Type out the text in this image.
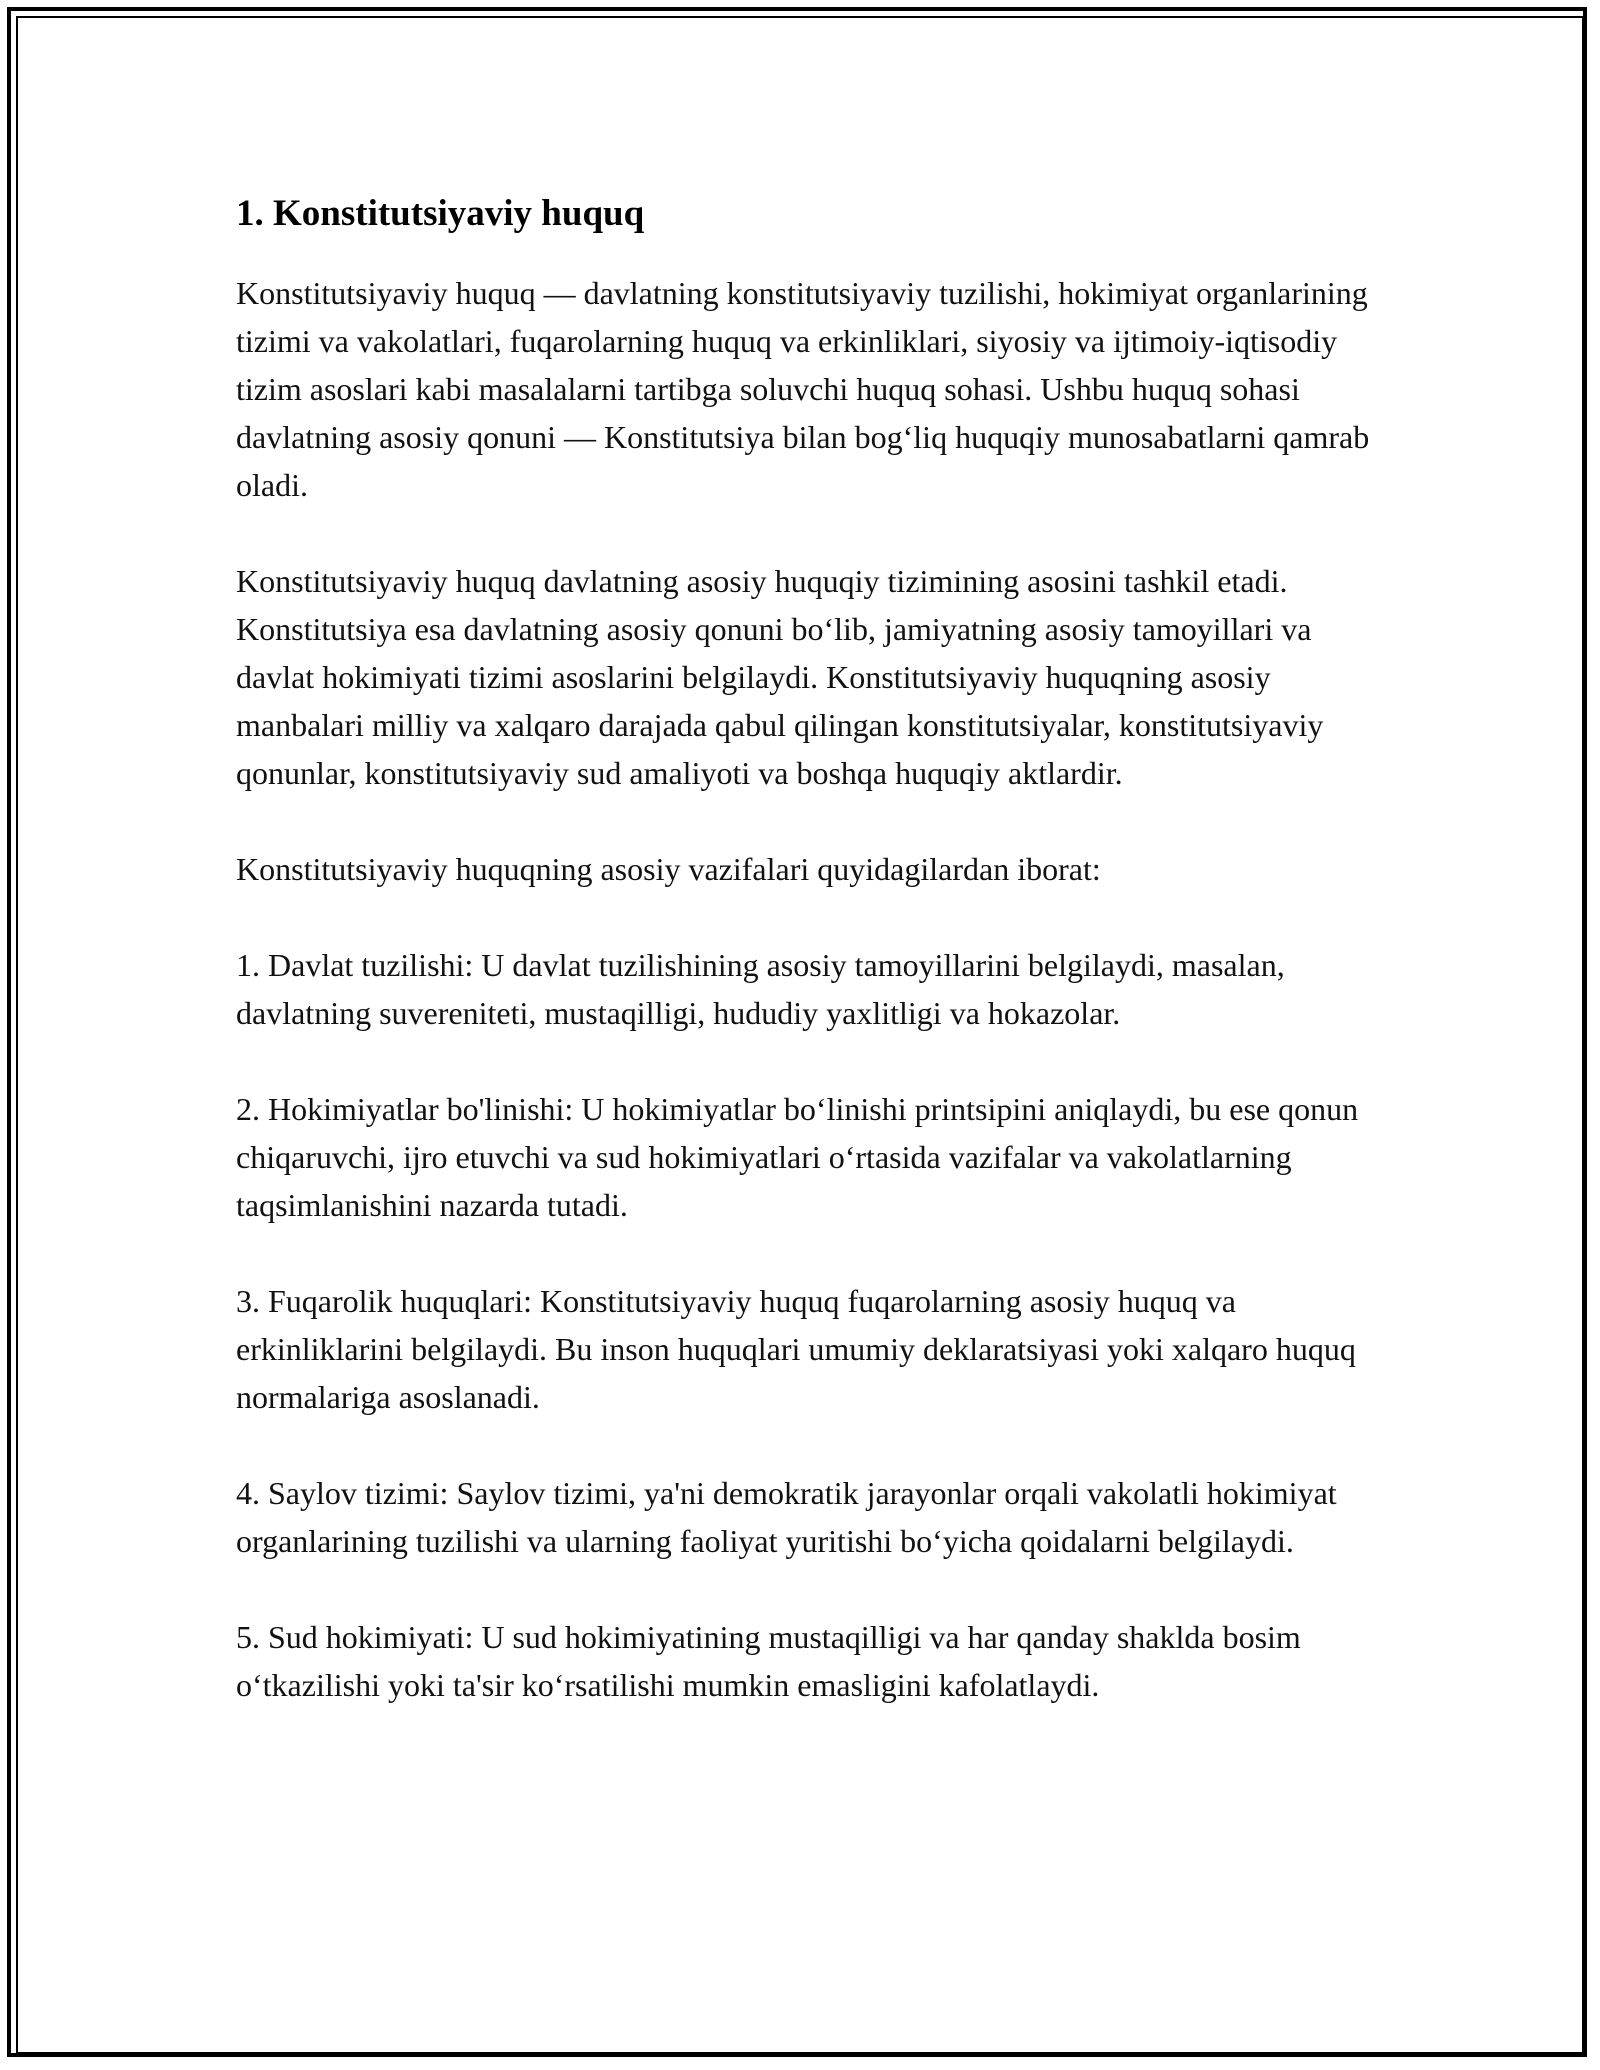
1. Konstitutsiyaviy huquq

Konstitutsiyaviy huquq — davlatning konstitutsiyaviy tuzilishi, hokimiyat organlarining tizimi va vakolatlari, fuqarolarning huquq va erkinliklari, siyosiy va ijtimoiy-iqtisodiy tizim asoslari kabi masalalarni tartibga soluvchi huquq sohasi. Ushbu huquq sohasi davlatning asosiy qonuni — Konstitutsiya bilan bog‘liq huquqiy munosabatlarni qamrab oladi.

Konstitutsiyaviy huquq davlatning asosiy huquqiy tizimining asosini tashkil etadi. Konstitutsiya esa davlatning asosiy qonuni bo‘lib, jamiyatning asosiy tamoyillari va davlat hokimiyati tizimi asoslarini belgilaydi. Konstitutsiyaviy huquqning asosiy manbalari milliy va xalqaro darajada qabul qilingan konstitutsiyalar, konstitutsiyaviy qonunlar, konstitutsiyaviy sud amaliyoti va boshqa huquqiy aktlardir.

Konstitutsiyaviy huquqning asosiy vazifalari quyidagilardan iborat:

1. Davlat tuzilishi: U davlat tuzilishining asosiy tamoyillarini belgilaydi, masalan, davlatning suvereniteti, mustaqilligi, hududiy yaxlitligi va hokazolar.

2. Hokimiyatlar bo'linishi: U hokimiyatlar bo‘linishi printsipini aniqlaydi, bu ese qonun chiqaruvchi, ijro etuvchi va sud hokimiyatlari o‘rtasida vazifalar va vakolatlarning taqsimlanishini nazarda tutadi.

3. Fuqarolik huquqlari: Konstitutsiyaviy huquq fuqarolarning asosiy huquq va erkinliklarini belgilaydi. Bu inson huquqlari umumiy deklaratsiyasi yoki xalqaro huquq normalariga asoslanadi.

4. Saylov tizimi: Saylov tizimi, ya'ni demokratik jarayonlar orqali vakolatli hokimiyat organlarining tuzilishi va ularning faoliyat yuritishi bo‘yicha qoidalarni belgilaydi.

5. Sud hokimiyati: U sud hokimiyatining mustaqilligi va har qanday shaklda bosim o‘tkazilishi yoki ta'sir ko‘rsatilishi mumkin emasligini kafolatlaydi.
